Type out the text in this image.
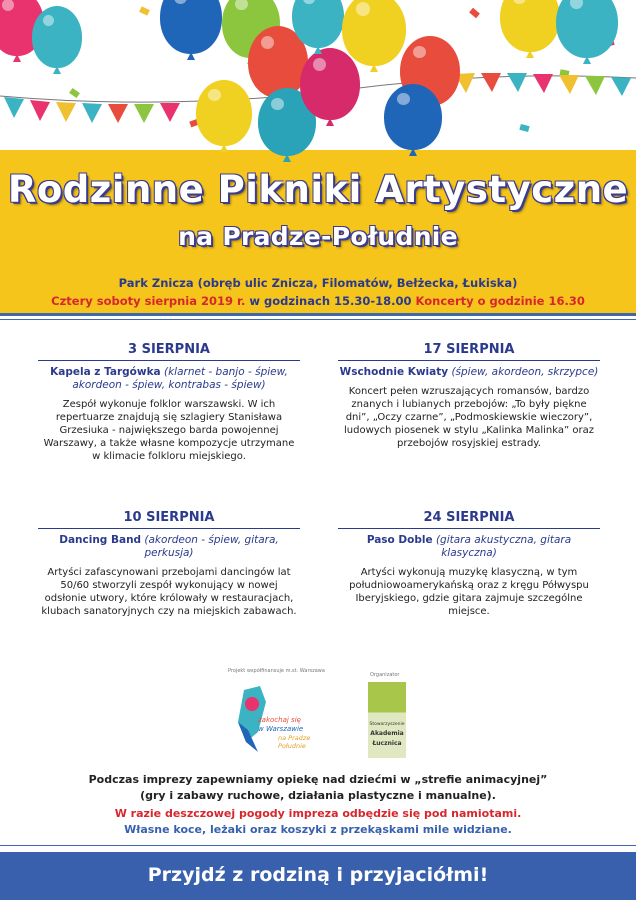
Rodzinne Pikniki Artystyczne
na Pradze-Południe
Park Znicza (obręb ulic Znicza, Filomatów, Bełżecka, Łukiska)
Cztery soboty sierpnia 2019 r. w godzinach 15.30-18.00 Koncerty o godzinie 16.30
3 SIERPNIA
Kapela z Targówka (klarnet - banjo - śpiew, akordeon - śpiew, kontrabas - śpiew)
Zespół wykonuje folklor warszawski. W ich repertuarze znajdują się szlagiery Stanisława Grzesiuka - największego barda powojennej Warszawy, a także własne kompozycje utrzymane w klimacie folkloru miejskiego.
17 SIERPNIA
Wschodnie Kwiaty (śpiew, akordeon, skrzypce)
Koncert pełen wzruszających romansów, bardzo znanych i lubianych przebojów: „To były piękne dni”, „Oczy czarne”, „Podmoskiewskie wieczory”, ludowych piosenek w stylu „Kalinka Malinka” oraz przebojów rosyjskiej estrady.
10 SIERPNIA
Dancing Band (akordeon - śpiew, gitara, perkusja)
Artyści zafascynowani przebojami dancingów lat 50/60 stworzyli zespół wykonujący w nowej odsłonie utwory, które królowały w restauracjach, klubach sanatoryjnych czy na miejskich zabawach.
24 SIERPNIA
Paso Doble (gitara akustyczna, gitara klasyczna)
Artyści wykonują muzykę klasyczną, w tym południowoamerykańską oraz z kręgu Półwyspu Iberyjskiego, gdzie gitara zajmuje szczególne miejsce.
Projekt współfinansuje m.st. Warszawa
zakochaj się
w Warszawie
na Pradze Południe
Organizator
Stowarzyszenie
Akademia
Łucznica
Podczas imprezy zapewniamy opiekę nad dziećmi w „strefie animacyjnej”
(gry i zabawy ruchowe, działania plastyczne i manualne).
W razie deszczowej pogody impreza odbędzie się pod namiotami.
Własne koce, leżaki oraz koszyki z przekąskami mile widziane.
Przyjdź z rodziną i przyjaciółmi!
